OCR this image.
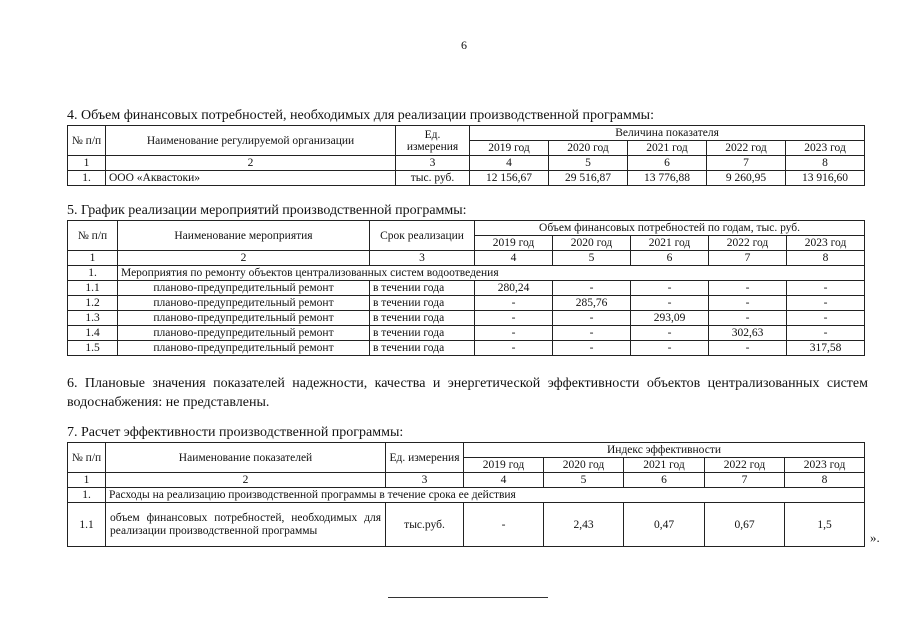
6
4. Объем финансовых потребностей, необходимых для реализации производственной программы:
№ п/п	Наименование регулируемой организации	Ед. измерения	Величина показателя				
			2019 год	2020 год	2021 год	2022 год	2023 год
1	2	3	4	5	6	7	8
1.	ООО «Аквастоки»	тыс. руб.	12 156,67	29 516,87	13 776,88	9 260,95	13 916,60
5. График реализации мероприятий производственной программы:
№ п/п	Наименование мероприятия	Срок реализации	Объем финансовых потребностей по годам, тыс. руб.				
			2019 год	2020 год	2021 год	2022 год	2023 год
1	2	3	4	5	6	7	8
1.	Мероприятия по ремонту объектов централизованных систем водоотведения						
1.1	планово-предупредительный ремонт	в течении года	280,24	-	-	-	-
1.2	планово-предупредительный ремонт	в течении года	-	285,76	-	-	-
1.3	планово-предупредительный ремонт	в течении года	-	-	293,09	-	-
1.4	планово-предупредительный ремонт	в течении года	-	-	-	302,63	-
1.5	планово-предупредительный ремонт	в течении года	-	-	-	-	317,58
6. Плановые значения показателей надежности, качества и энергетической эффективности объектов централизованных систем водоснабжения: не представлены.
7. Расчет эффективности производственной программы:
№ п/п	Наименование показателей	Ед. измерения	Индекс эффективности				
			2019 год	2020 год	2021 год	2022 год	2023 год
1	2	3	4	5	6	7	8
1.	Расходы на реализацию производственной программы в течение срока ее действия						
1.1	объем финансовых потребностей, необходимых для реализации производственной программы	тыс.руб.	-	2,43	0,47	0,67	1,5
».
